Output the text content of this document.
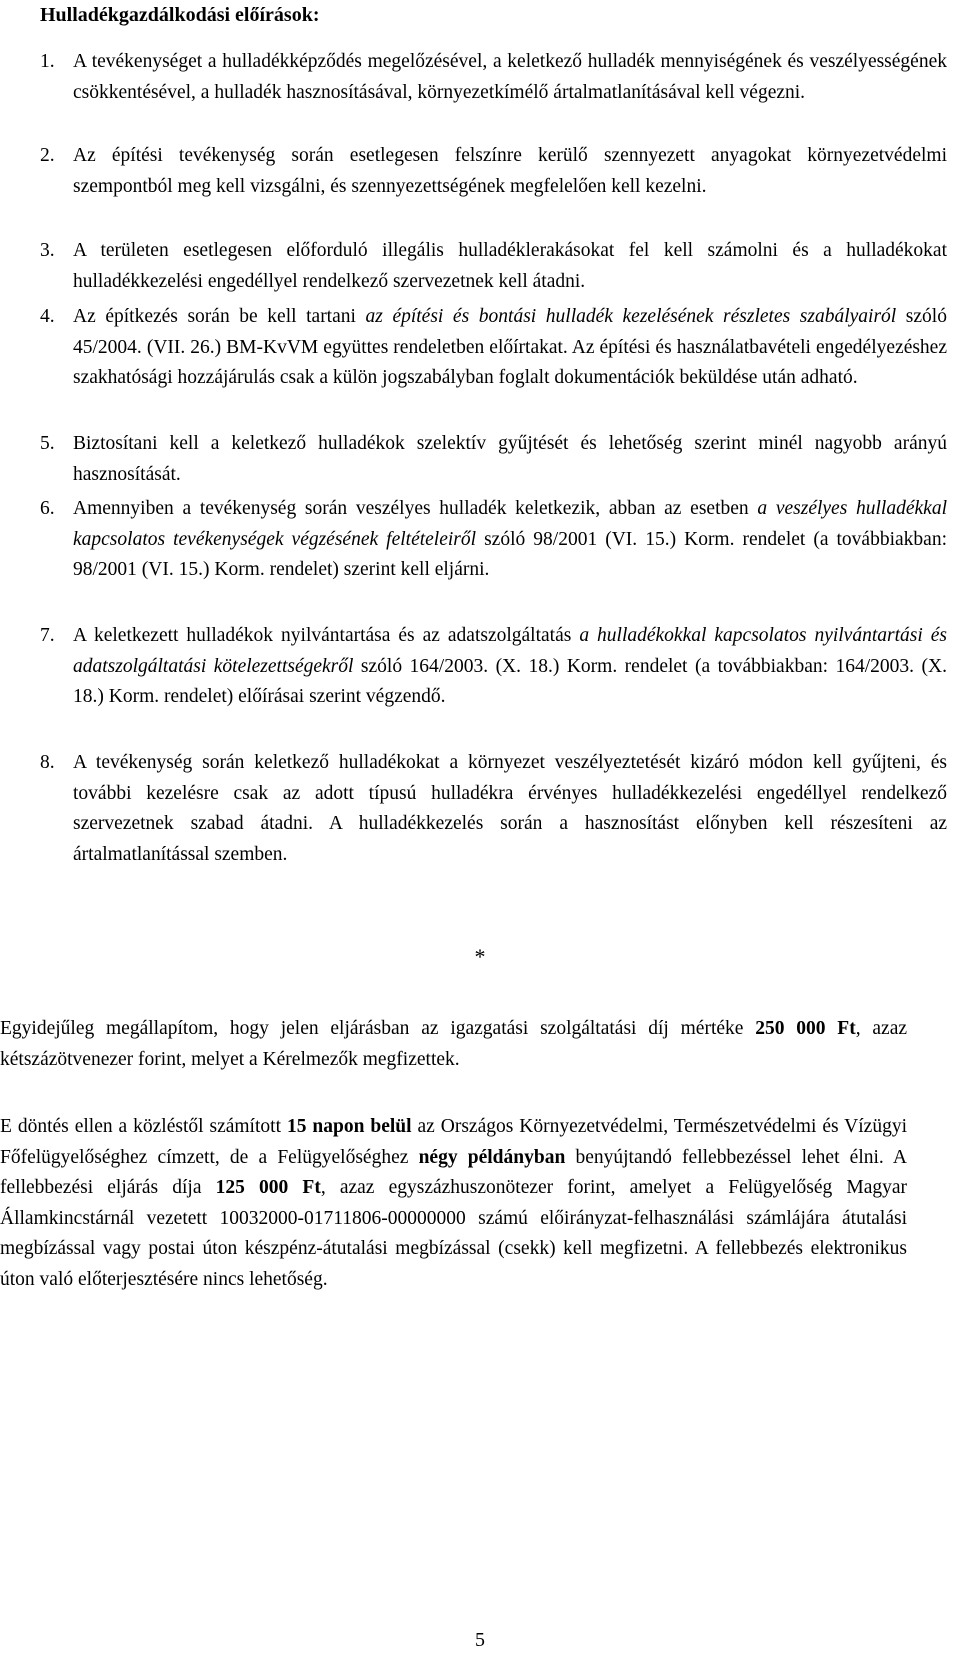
Hulladékgazdálkodási előírások:
1. A tevékenységet a hulladékképződés megelőzésével, a keletkező hulladék mennyiségének és veszélyességének csökkentésével, a hulladék hasznosításával, környezetkímélő ártalmatlanításával kell végezni.
2. Az építési tevékenység során esetlegesen felszínre kerülő szennyezett anyagokat környezetvédelmi szempontból meg kell vizsgálni, és szennyezettségének megfelelően kell kezelni.
3. A területen esetlegesen előforduló illegális hulladéklerakásokat fel kell számolni és a hulladékokat hulladékkezelési engedéllyel rendelkező szervezetnek kell átadni.
4. Az építkezés során be kell tartani az építési és bontási hulladék kezelésének részletes szabályairól szóló 45/2004. (VII. 26.) BM-KvVM együttes rendeletben előírtakat. Az építési és használatbavételi engedélyezéshez szakhatósági hozzájárulás csak a külön jogszabályban foglalt dokumentációk beküldése után adható.
5. Biztosítani kell a keletkező hulladékok szelektív gyűjtését és lehetőség szerint minél nagyobb arányú hasznosítását.
6. Amennyiben a tevékenység során veszélyes hulladék keletkezik, abban az esetben a veszélyes hulladékkal kapcsolatos tevékenységek végzésének feltételeiről szóló 98/2001 (VI. 15.) Korm. rendelet (a továbbiakban: 98/2001 (VI. 15.) Korm. rendelet) szerint kell eljárni.
7. A keletkezett hulladékok nyilvántartása és az adatszolgáltatás a hulladékokkal kapcsolatos nyilvántartási és adatszolgáltatási kötelezettségekről szóló 164/2003. (X. 18.) Korm. rendelet (a továbbiakban: 164/2003. (X. 18.) Korm. rendelet) előírásai szerint végzendő.
8. A tevékenység során keletkező hulladékokat a környezet veszélyeztetését kizáró módon kell gyűjteni, és további kezelésre csak az adott típusú hulladékra érvényes hulladékkezelési engedéllyel rendelkező szervezetnek szabad átadni. A hulladékkezelés során a hasznosítást előnyben kell részesíteni az ártalmatlanítással szemben.
*

Egyidejűleg megállapítom, hogy jelen eljárásban az igazgatási szolgáltatási díj mértéke 250 000 Ft, azaz kétszázötvenezer forint, melyet a Kérelmezők megfizettek.

E döntés ellen a közléstől számított 15 napon belül az Országos Környezetvédelmi, Természetvédelmi és Vízügyi Főfelügyelőséghez címzett, de a Felügyelőséghez négy példányban benyújtandó fellebbezéssel lehet élni. A fellebbezési eljárás díja 125 000 Ft, azaz egyszázhuszonötezer forint, amelyet a Felügyelőség Magyar Államkincstárnál vezetett 10032000-01711806-00000000 számú előirányzat-felhasználási számlájára átutalási megbízással vagy postai úton készpénz-átutalási megbízással (csekk) kell megfizetni. A fellebbezés elektronikus úton való előterjesztésére nincs lehetőség.

5
